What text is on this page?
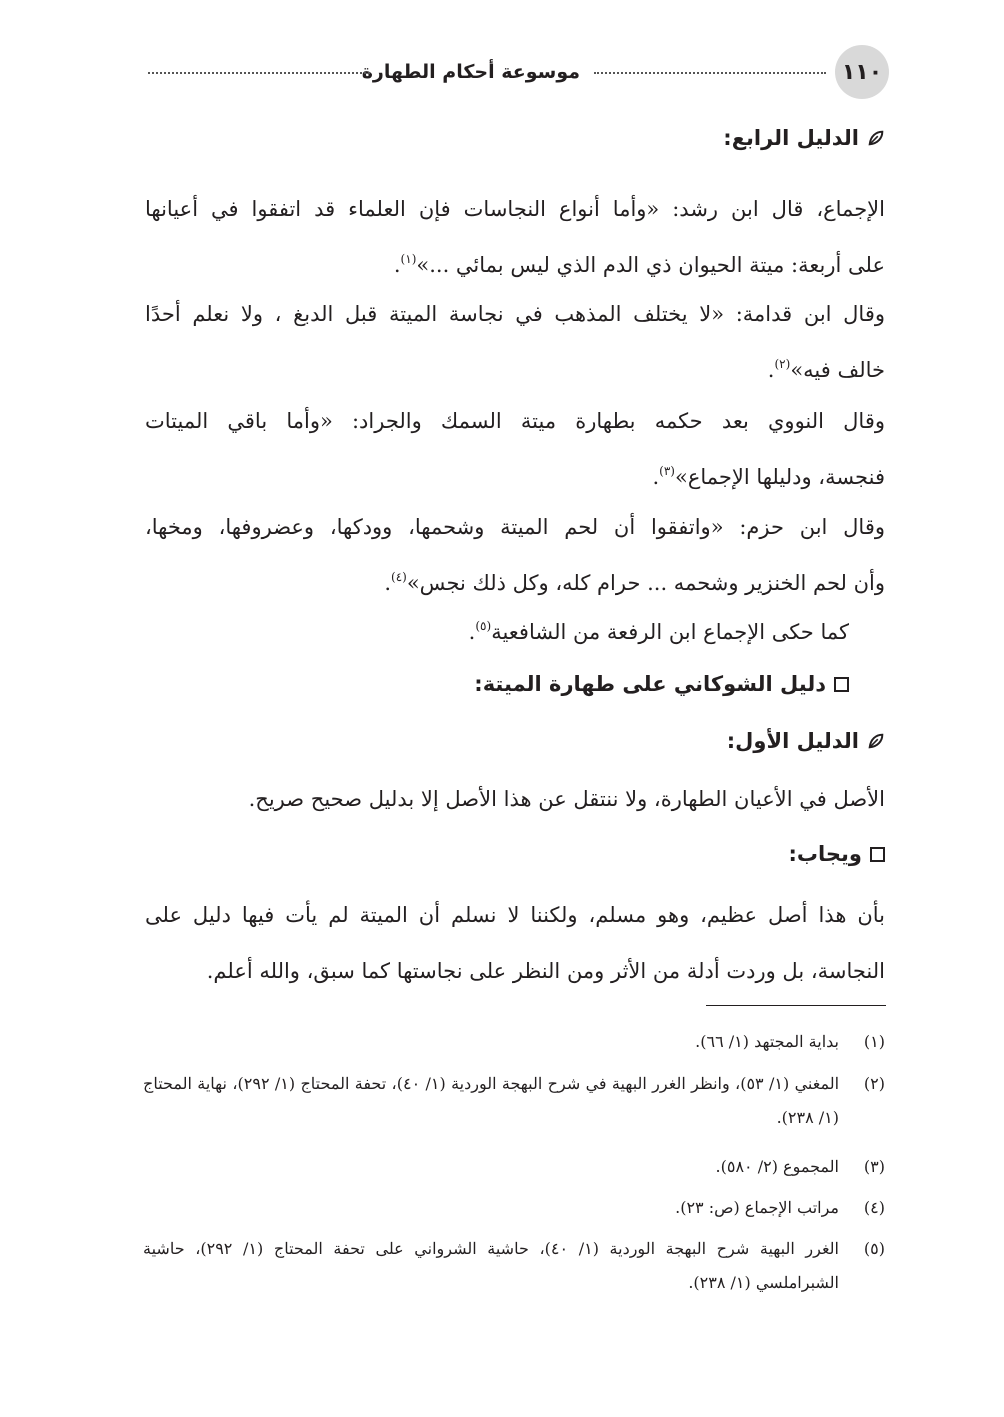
١١٠
موسوعة أحكام الطهارة
الدليل الرابع:
الإجماع، قال ابن رشد: «وأما أنواع النجاسات فإن العلماء قد اتفقوا في أعيانها
على أربعة: ميتة الحيوان ذي الدم الذي ليس بمائي ...»$^{(١)}$.
وقال ابن قدامة: «لا يختلف المذهب في نجاسة الميتة قبل الدبغ ، ولا نعلم أحدًا
خالف فيه»$^{(٢)}$.
وقال النووي بعد حكمه بطهارة ميتة السمك والجراد: «وأما باقي الميتات
فنجسة، ودليلها الإجماع»$^{(٣)}$.
وقال ابن حزم: «واتفقوا أن لحم الميتة وشحمها، وودكها، وعضروفها، ومخها،
وأن لحم الخنزير وشحمه ... حرام كله، وكل ذلك نجس»$^{(٤)}$.
كما حكى الإجماع ابن الرفعة من الشافعية$^{(٥)}$.
دليل الشوكاني على طهارة الميتة:
الدليل الأول:
الأصل في الأعيان الطهارة، ولا ننتقل عن هذا الأصل إلا بدليل صحيح صريح.
ويجاب:
بأن هذا أصل عظيم، وهو مسلم، ولكننا لا نسلم أن الميتة لم يأت فيها دليل على
النجاسة، بل وردت أدلة من الأثر ومن النظر على نجاستها كما سبق، والله أعلم.
(١)
بداية المجتهد (١/ ٦٦).
(٢)
المغني (١/ ٥٣)، وانظر الغرر البهية في شرح البهجة الوردية (١/ ٤٠)، تحفة المحتاج (١/ ٢٩٢)، نهاية المحتاج (١/ ٢٣٨).
(٣)
المجموع (٢/ ٥٨٠).
(٤)
مراتب الإجماع (ص: ٢٣).
(٥)
الغرر البهية شرح البهجة الوردية (١/ ٤٠)، حاشية الشرواني على تحفة المحتاج (١/ ٢٩٢)، حاشية الشبراملسي (١/ ٢٣٨).
